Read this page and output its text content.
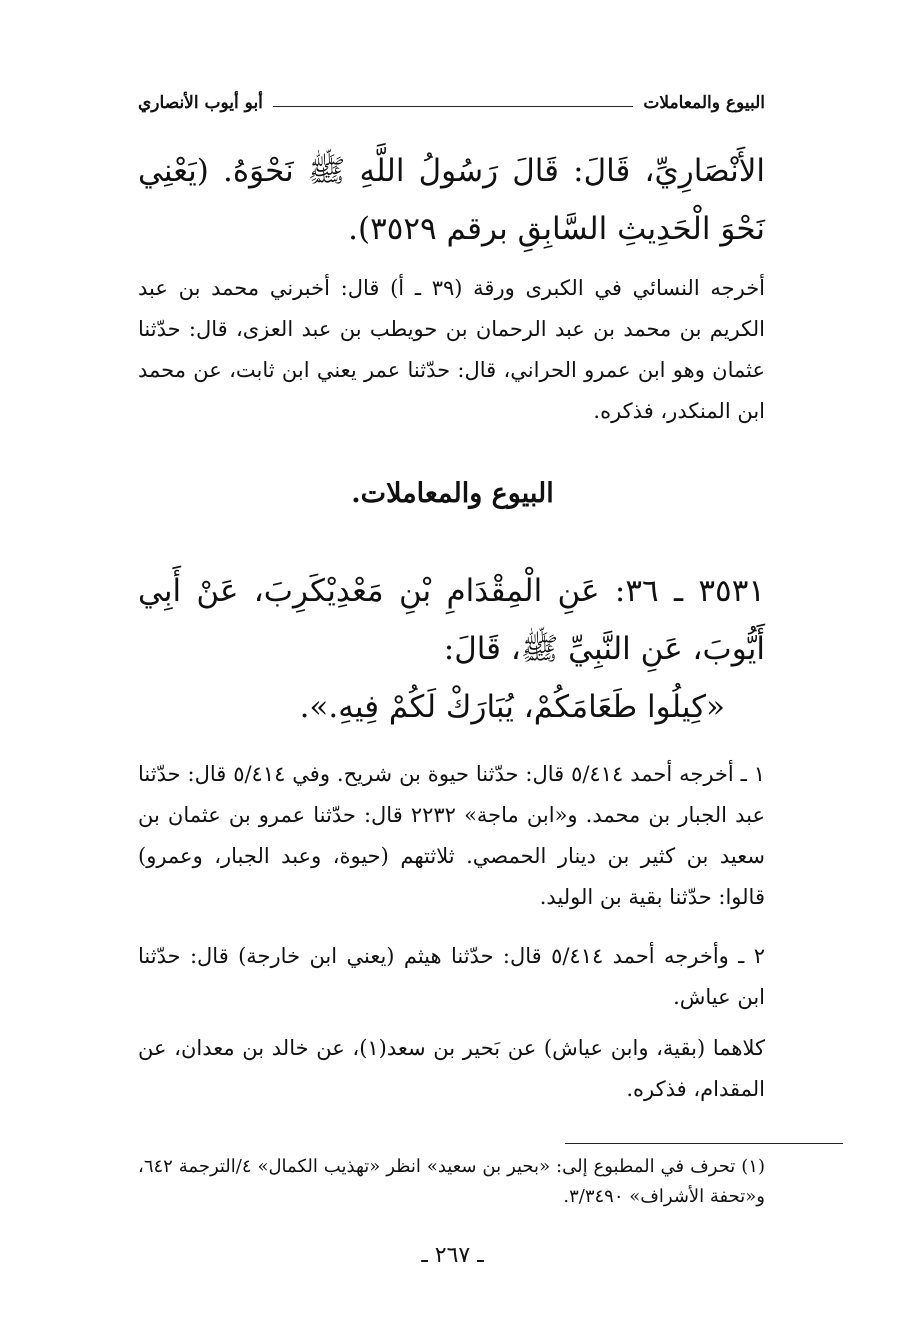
البيوع والمعاملات
أبو أيوب الأنصاري
الأَنْصَارِيِّ، قَالَ: قَالَ رَسُولُ اللَّهِ ﷺ نَحْوَهُ. (يَعْنِي نَحْوَ الْحَدِيثِ السَّابِقِ برقم ٣٥٢٩).
أخرجه النسائي في الكبرى ورقة (٣٩ ـ أ) قال: أخبرني محمد بن عبد الكريم بن محمد بن عبد الرحمان بن حويطب بن عبد العزى، قال: حدّثنا عثمان وهو ابن عمرو الحراني، قال: حدّثنا عمر يعني ابن ثابت، عن محمد ابن المنكدر، فذكره.
البيوع والمعاملات.
٣٥٣١ ـ ٣٦: عَنِ الْمِقْدَامِ بْنِ مَعْدِيْكَرِبَ، عَنْ أَبِي أَيُّوبَ، عَنِ النَّبِيِّ ﷺ، قَالَ:
«كِيلُوا طَعَامَكُمْ، يُبَارَكْ لَكُمْ فِيهِ.».
١ ـ أخرجه أحمد ٥/٤١٤ قال: حدّثنا حيوة بن شريح. وفي ٥/٤١٤ قال: حدّثنا عبد الجبار بن محمد. و«ابن ماجة» ٢٢٣٢ قال: حدّثنا عمرو بن عثمان بن سعيد بن كثير بن دينار الحمصي. ثلاثتهم (حيوة، وعبد الجبار، وعمرو) قالوا: حدّثنا بقية بن الوليد.
٢ ـ وأخرجه أحمد ٥/٤١٤ قال: حدّثنا هيثم (يعني ابن خارجة) قال: حدّثنا ابن عياش.
كلاهما (بقية، وابن عياش) عن بَحير بن سعد(١)، عن خالد بن معدان، عن المقدام، فذكره.
(١) تحرف في المطبوع إلى: «بحير بن سعيد» انظر «تهذيب الكمال» ٤/الترجمة ٦٤٢، و«تحفة الأشراف» ٣/٣٤٩٠.
ـ ٢٦٧ ـ
